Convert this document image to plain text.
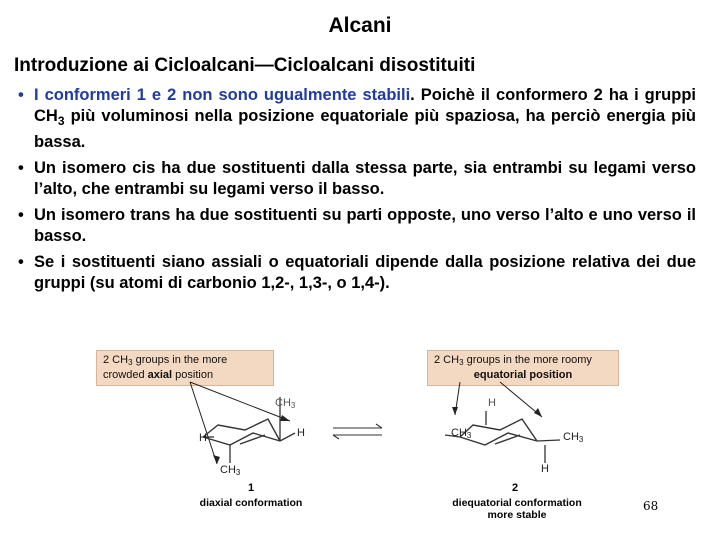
Alcani
Introduzione ai Cicloalcani—Cicloalcani disostituiti
• I conformeri 1 e 2 non sono ugualmente stabili. Poichè il conformero 2 ha i gruppi $CH_3$ più voluminosi nella posizione equatoriale più spaziosa, ha perciò energia più bassa.
• Un isomero cis ha due sostituenti dalla stessa parte, sia entrambi su legami verso l’alto, che entrambi su legami verso il basso.
• Un isomero trans ha due sostituenti su parti opposte, uno verso l’alto e uno verso il basso.
• Se i sostituenti siano assiali o equatoriali dipende dalla posizione relativa dei due gruppi (su atomi di carbonio 1,2-, 1,3-, o 1,4-).
2 CH3 groups in the more
crowded axial position
2 CH3 groups in the more roomy
equatorial position
CH3
H
H
CH3
H
CH3	CH3
H
1
diaxial conformation
2
diequatorial conformation
more stable
68
